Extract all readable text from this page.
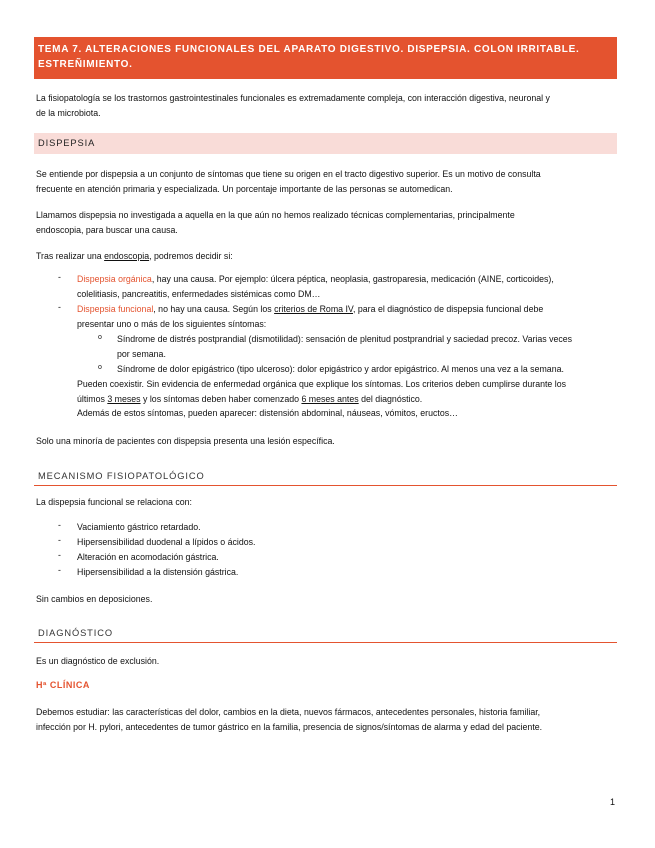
TEMA 7. ALTERACIONES FUNCIONALES DEL APARATO DIGESTIVO. DISPEPSIA. COLON IRRITABLE.

ESTREÑIMIENTO.

La fisiopatología se los trastornos gastrointestinales funcionales es extremadamente compleja, con interacción digestiva, neuronal y

de la microbiota.

DISPEPSIA

Se entiende por dispepsia a un conjunto de síntomas que tiene su origen en el tracto digestivo superior. Es un motivo de consulta

frecuente en atención primaria y especializada. Un porcentaje importante de las personas se automedican.

Llamamos dispepsia no investigada a aquella en la que aún no hemos realizado técnicas complementarias, principalmente

endoscopia, para buscar una causa.

Tras realizar una endoscopia, podremos decidir si:

- Dispepsia orgánica, hay una causa. Por ejemplo: úlcera péptica, neoplasia, gastroparesia, medicación (AINE, corticoides),

colelitiasis, pancreatitis, enfermedades sistémicas como DM…

- Dispepsia funcional, no hay una causa. Según los criterios de Roma IV, para el diagnóstico de dispepsia funcional debe

presentar uno o más de los siguientes síntomas:

o Síndrome de distrés postprandial (dismotilidad): sensación de plenitud postprandrial y saciedad precoz. Varias veces

por semana.

o Síndrome de dolor epigástrico (tipo ulceroso): dolor epigástrico y ardor epigástrico. Al menos una vez a la semana.

Pueden coexistir. Sin evidencia de enfermedad orgánica que explique los síntomas. Los criterios deben cumplirse durante los

últimos 3 meses y los síntomas deben haber comenzado 6 meses antes del diagnóstico.

Además de estos síntomas, pueden aparecer: distensión abdominal, náuseas, vómitos, eructos…

Solo una minoría de pacientes con dispepsia presenta una lesión específica.

MECANISMO FISIOPATOLÓGICO

La dispepsia funcional se relaciona con:

- Vaciamiento gástrico retardado.

- Hipersensibilidad duodenal a lípidos o ácidos.

- Alteración en acomodación gástrica.

- Hipersensibilidad a la distensión gástrica.

Sin cambios en deposiciones.

DIAGNÓSTICO

Es un diagnóstico de exclusión.

Hª CLÍNICA

Debemos estudiar: las características del dolor, cambios en la dieta, nuevos fármacos, antecedentes personales, historia familiar,

infección por H. pylori, antecedentes de tumor gástrico en la familia, presencia de signos/síntomas de alarma y edad del paciente.

1
